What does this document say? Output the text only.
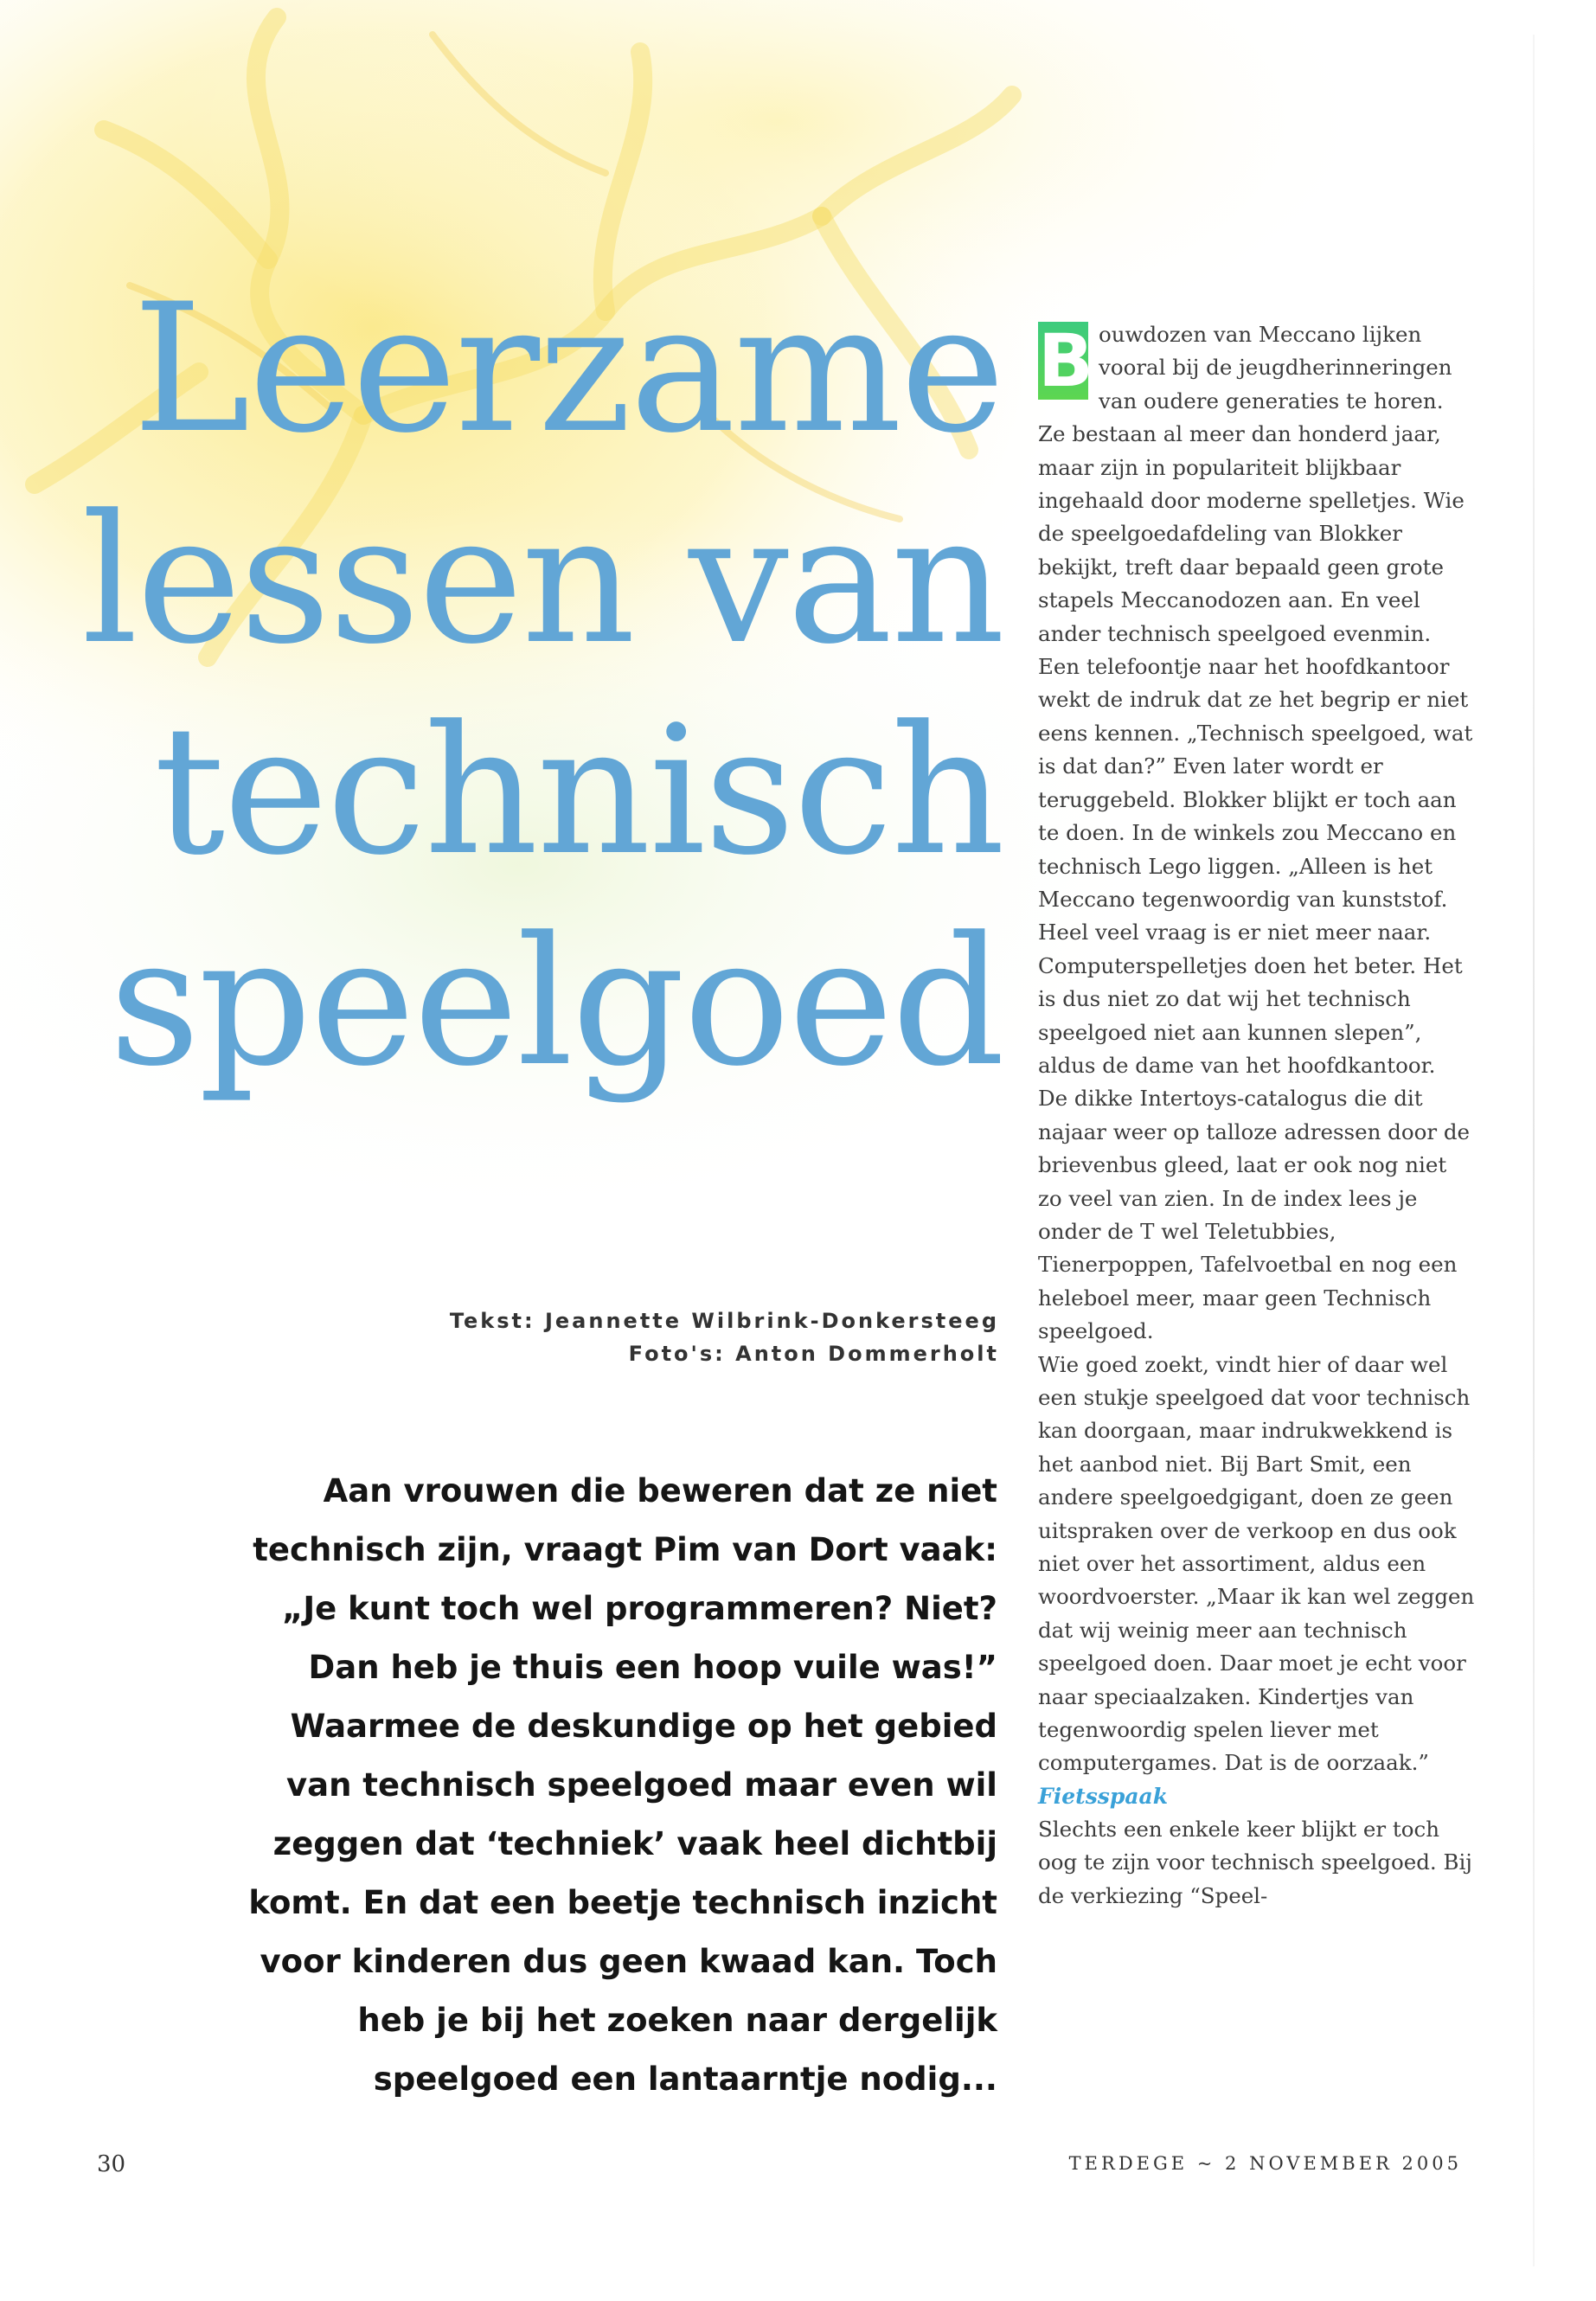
Leerzame
lessen van
technisch
speelgoed
Tekst: Jeannette Wilbrink-Donkersteeg
Foto's: Anton Dommerholt

Aan vrouwen die beweren dat ze niet technisch zijn, vraagt Pim van Dort vaak: „Je kunt toch wel programmeren? Niet? Dan heb je thuis een hoop vuile was!” Waarmee de deskundige op het gebied van technisch speelgoed maar even wil zeggen dat ‘techniek’ vaak heel dichtbij komt. En dat een beetje technisch inzicht voor kinderen dus geen kwaad kan. Toch heb je bij het zoeken naar dergelijk speelgoed een lantaarntje nodig...

B ouwdozen van Meccano lijken vooral bij de jeugdherinneringen van oudere generaties te horen. Ze bestaan al meer dan honderd jaar, maar zijn in populariteit blijkbaar ingehaald door moderne spelletjes. Wie de speelgoedafdeling van Blokker bekijkt, treft daar bepaald geen grote stapels Meccanodozen aan. En veel ander technisch speelgoed evenmin. Een telefoontje naar het hoofdkantoor wekt de indruk dat ze het begrip er niet eens kennen. „Technisch speelgoed, wat is dat dan?” Even later wordt er teruggebeld. Blokker blijkt er toch aan te doen. In de winkels zou Meccano en technisch Lego liggen. „Alleen is het Meccano tegenwoordig van kunststof. Heel veel vraag is er niet meer naar. Computerspelletjes doen het beter. Het is dus niet zo dat wij het technisch speelgoed niet aan kunnen slepen”, aldus de dame van het hoofdkantoor.

De dikke Intertoys-catalogus die dit najaar weer op talloze adressen door de brievenbus gleed, laat er ook nog niet zo veel van zien. In de index lees je onder de T wel Teletubbies, Tienerpoppen, Tafelvoetbal en nog een heleboel meer, maar geen Technisch speelgoed.

Wie goed zoekt, vindt hier of daar wel een stukje speelgoed dat voor technisch kan doorgaan, maar indrukwekkend is het aanbod niet. Bij Bart Smit, een andere speelgoedgigant, doen ze geen uitspraken over de verkoop en dus ook niet over het assortiment, aldus een woordvoerster. „Maar ik kan wel zeggen dat wij weinig meer aan technisch speelgoed doen. Daar moet je echt voor naar speciaalzaken. Kindertjes van tegenwoordig spelen liever met computergames. Dat is de oorzaak.”

Fietsspaak

Slechts een enkele keer blijkt er toch oog te zijn voor technisch speelgoed. Bij de verkiezing “Speel-

30	TERDEGE ~ 2 NOVEMBER 2005
